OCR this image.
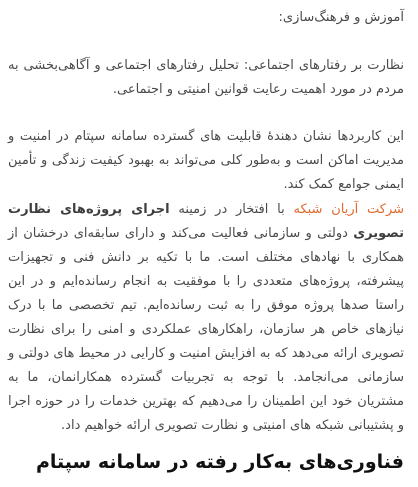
آموزش و فرهنگ‌سازی:

نظارت بر رفتارهای اجتماعی: تحلیل رفتارهای اجتماعی و آگاهی‌بخشی به مردم در مورد اهمیت رعایت قوانین امنیتی و اجتماعی.

این کاربردها نشان دهندهٔ قابلیت های گسترده سامانه سپتام در امنیت و مدیریت اماکن است و به‌طور کلی می‌تواند به بهبود کیفیت زندگی و تأمین ایمنی جوامع کمک کند.

شرکت آریان شبکه با افتخار در زمینه اجرای پروژه‌های نظارت تصویری دولتی و سازمانی فعالیت می‌کند و دارای سابقه‌ای درخشان از همکاری با نهادهای مختلف است. ما با تکیه بر دانش فنی و تجهیزات پیشرفته، پروژه‌های متعددی را با موفقیت به انجام رسانده‌ایم و در این راستا صدها پروژه موفق را به ثبت رسانده‌ایم. تیم تخصصی ما با درک نیازهای خاص هر سازمان، راهکارهای عملکردی و امنی را برای نظارت تصویری ارائه می‌دهد که به افزایش امنیت و کارایی در محیط های دولتی و سازمانی می‌انجامد. با توجه به تجربیات گسترده همکارانمان، ما به مشتریان خود این اطمینان را می‌دهیم که بهترین خدمات را در حوزه اجرا و پشتیبانی شبکه های امنیتی و نظارت تصویری ارائه خواهیم داد.

فناوری‌های به‌کار رفته در سامانه سپتام
